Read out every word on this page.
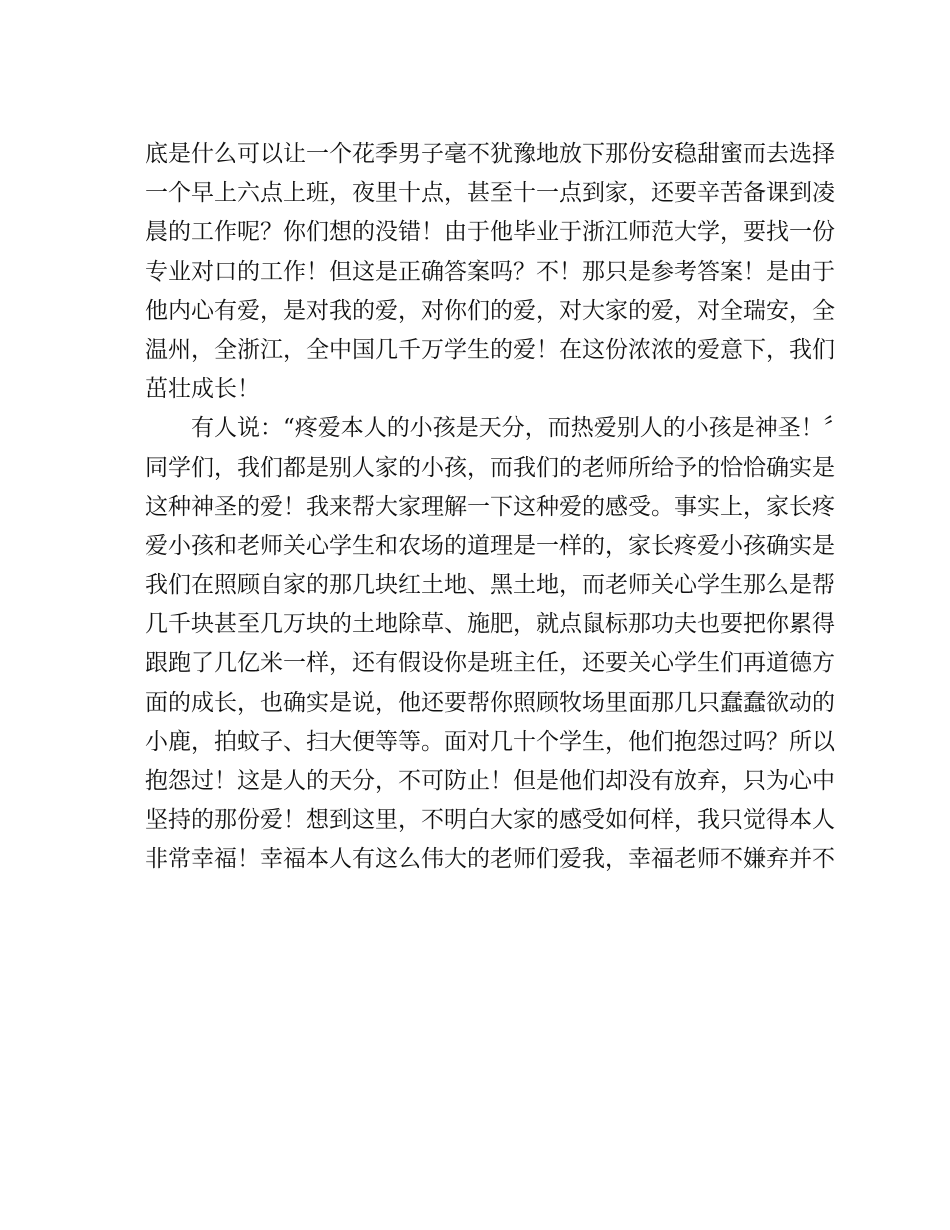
底是什么可以让一个花季男子毫不犹豫地放下那份安稳甜蜜而去选择
一个早上六点上班，夜里十点，甚至十一点到家，还要辛苦备课到凌
晨的工作呢？你们想的没错！由于他毕业于浙江师范大学，要找一份
专业对口的工作！但这是正确答案吗？不！那只是参考答案！是由于
他内心有爱，是对我的爱，对你们的爱，对大家的爱，对全瑞安，全
温州，全浙江，全中国几千万学生的爱！在这份浓浓的爱意下，我们
茁壮成长！
有人说：“疼爱本人的小孩是天分，而热爱别人的小孩是神圣！〞
同学们，我们都是别人家的小孩，而我们的老师所给予的恰恰确实是
这种神圣的爱！我来帮大家理解一下这种爱的感受。事实上，家长疼
爱小孩和老师关心学生和农场的道理是一样的，家长疼爱小孩确实是
我们在照顾自家的那几块红土地、黑土地，而老师关心学生那么是帮
几千块甚至几万块的土地除草、施肥，就点鼠标那功夫也要把你累得
跟跑了几亿米一样，还有假设你是班主任，还要关心学生们再道德方
面的成长，也确实是说，他还要帮你照顾牧场里面那几只蠢蠢欲动的
小鹿，拍蚊子、扫大便等等。面对几十个学生，他们抱怨过吗？所以
抱怨过！这是人的天分，不可防止！但是他们却没有放弃，只为心中
坚持的那份爱！想到这里，不明白大家的感受如何样，我只觉得本人
非常幸福！幸福本人有这么伟大的老师们爱我，幸福老师不嫌弃并不
